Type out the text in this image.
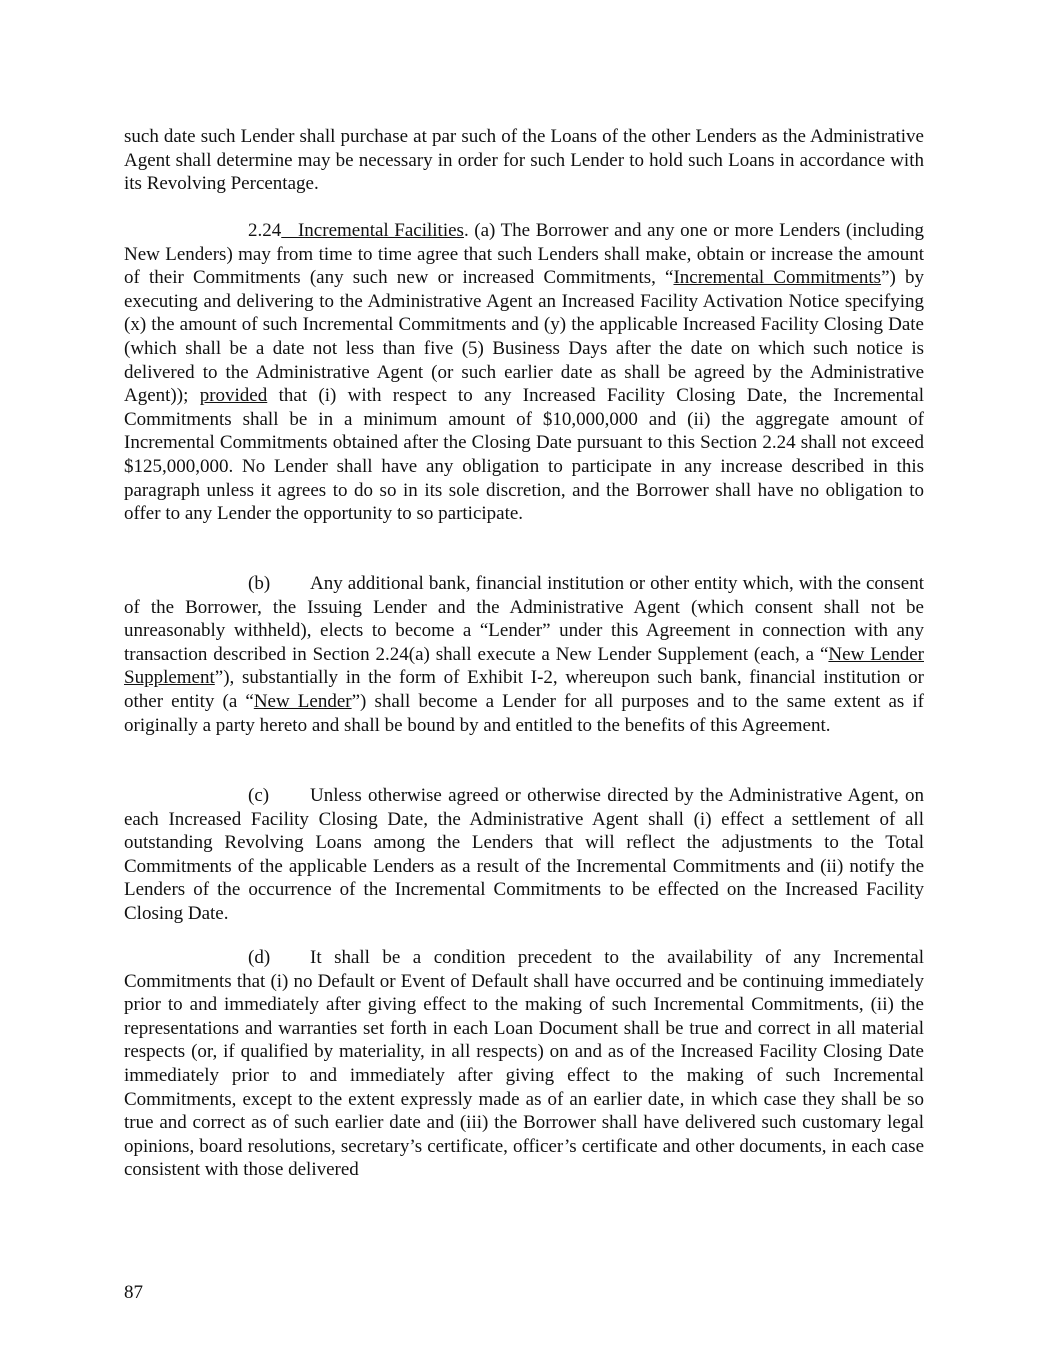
such date such Lender shall purchase at par such of the Loans of the other Lenders as the Administrative Agent shall determine may be necessary in order for such Lender to hold such Loans in accordance with its Revolving Percentage.

2.24 Incremental Facilities. (a) The Borrower and any one or more Lenders (including New Lenders) may from time to time agree that such Lenders shall make, obtain or increase the amount of their Commitments (any such new or increased Commitments, “Incremental Commitments”) by executing and delivering to the Administrative Agent an Increased Facility Activation Notice specifying (x) the amount of such Incremental Commitments and (y) the applicable Increased Facility Closing Date (which shall be a date not less than five (5) Business Days after the date on which such notice is delivered to the Administrative Agent (or such earlier date as shall be agreed by the Administrative Agent)); provided that (i) with respect to any Increased Facility Closing Date, the Incremental Commitments shall be in a minimum amount of $10,000,000 and (ii) the aggregate amount of Incremental Commitments obtained after the Closing Date pursuant to this Section 2.24 shall not exceed $125,000,000. No Lender shall have any obligation to participate in any increase described in this paragraph unless it agrees to do so in its sole discretion, and the Borrower shall have no obligation to offer to any Lender the opportunity to so participate.

(b) Any additional bank, financial institution or other entity which, with the consent of the Borrower, the Issuing Lender and the Administrative Agent (which consent shall not be unreasonably withheld), elects to become a “Lender” under this Agreement in connection with any transaction described in Section 2.24(a) shall execute a New Lender Supplement (each, a “New Lender Supplement”), substantially in the form of Exhibit I-2, whereupon such bank, financial institution or other entity (a “New Lender”) shall become a Lender for all purposes and to the same extent as if originally a party hereto and shall be bound by and entitled to the benefits of this Agreement.

(c) Unless otherwise agreed or otherwise directed by the Administrative Agent, on each Increased Facility Closing Date, the Administrative Agent shall (i) effect a settlement of all outstanding Revolving Loans among the Lenders that will reflect the adjustments to the Total Commitments of the applicable Lenders as a result of the Incremental Commitments and (ii) notify the Lenders of the occurrence of the Incremental Commitments to be effected on the Increased Facility Closing Date.

(d) It shall be a condition precedent to the availability of any Incremental Commitments that (i) no Default or Event of Default shall have occurred and be continuing immediately prior to and immediately after giving effect to the making of such Incremental Commitments, (ii) the representations and warranties set forth in each Loan Document shall be true and correct in all material respects (or, if qualified by materiality, in all respects) on and as of the Increased Facility Closing Date immediately prior to and immediately after giving effect to the making of such Incremental Commitments, except to the extent expressly made as of an earlier date, in which case they shall be so true and correct as of such earlier date and (iii) the Borrower shall have delivered such customary legal opinions, board resolutions, secretary’s certificate, officer’s certificate and other documents, in each case consistent with those delivered

87
